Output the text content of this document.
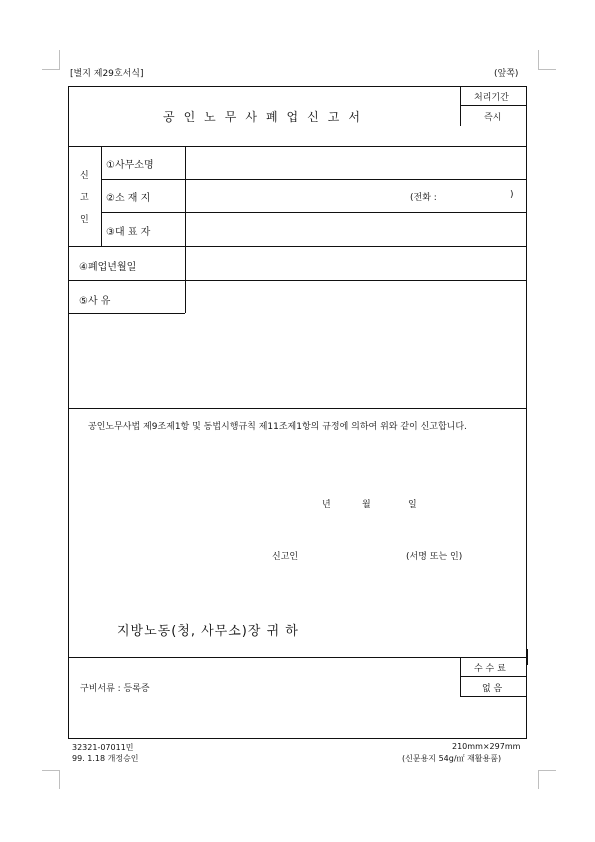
[별지 제29호서식]	(앞쪽)
공인노무사폐업신고서
처리기간
즉시
신
고
인
①사무소명
②소 재 지	(전화 :	)
③대 표 자
④폐업년월일
⑤사 유
공인노무사법 제9조제1항 및 동법시행규칙 제11조제1항의 규정에 의하여 위와 같이 신고합니다.
년	월	일
신고인	(서명 또는 인)
지방노동(청, 사무소)장 귀 하
구비서류 : 등록증
수 수 료
없 음
32321-07011민
99. 1.18 개정승인
210mm×297mm
(신문용지 54g/㎡ 재활용품)
